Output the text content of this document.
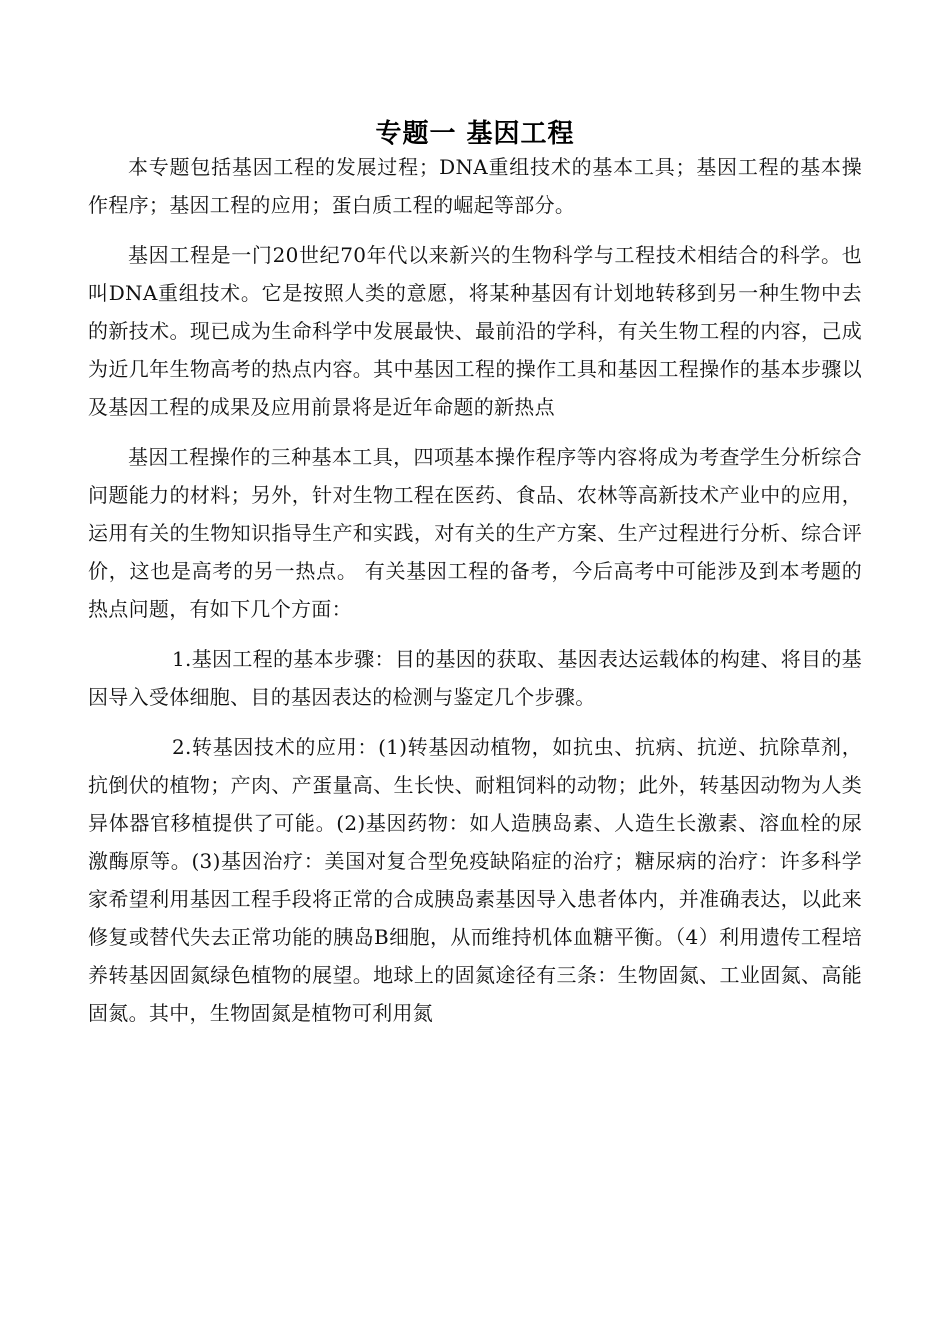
专题一 基因工程

本专题包括基因工程的发展过程；DNA重组技术的基本工具；基因工程的基本操作程序；基因工程的应用；蛋白质工程的崛起等部分。

基因工程是一门20世纪70年代以来新兴的生物科学与工程技术相结合的科学。也叫DNA重组技术。它是按照人类的意愿，将某种基因有计划地转移到另一种生物中去的新技术。现已成为生命科学中发展最快、最前沿的学科，有关生物工程的内容，己成为近几年生物高考的热点内容。其中基因工程的操作工具和基因工程操作的基本步骤以及基因工程的成果及应用前景将是近年命题的新热点

基因工程操作的三种基本工具，四项基本操作程序等内容将成为考查学生分析综合问题能力的材料；另外，针对生物工程在医药、食品、农林等高新技术产业中的应用，运用有关的生物知识指导生产和实践，对有关的生产方案、生产过程进行分析、综合评价，这也是高考的另一热点。 有关基因工程的备考，今后高考中可能涉及到本考题的热点问题，有如下几个方面：

1.基因工程的基本步骤：目的基因的获取、基因表达运载体的构建、将目的基因导入受体细胞、目的基因表达的检测与鉴定几个步骤。

2.转基因技术的应用：(1)转基因动植物，如抗虫、抗病、抗逆、抗除草剂，抗倒伏的植物；产肉、产蛋量高、生长快、耐粗饲料的动物；此外，转基因动物为人类异体器官移植提供了可能。(2)基因药物：如人造胰岛素、人造生长激素、溶血栓的尿激酶原等。(3)基因治疗：美国对复合型免疫缺陷症的治疗；糖尿病的治疗：许多科学家希望利用基因工程手段将正常的合成胰岛素基因导入患者体内，并准确表达，以此来修复或替代失去正常功能的胰岛B细胞，从而维持机体血糖平衡。（4）利用遗传工程培养转基因固氮绿色植物的展望。地球上的固氮途径有三条：生物固氮、工业固氮、高能固氮。其中，生物固氮是植物可利用氮
